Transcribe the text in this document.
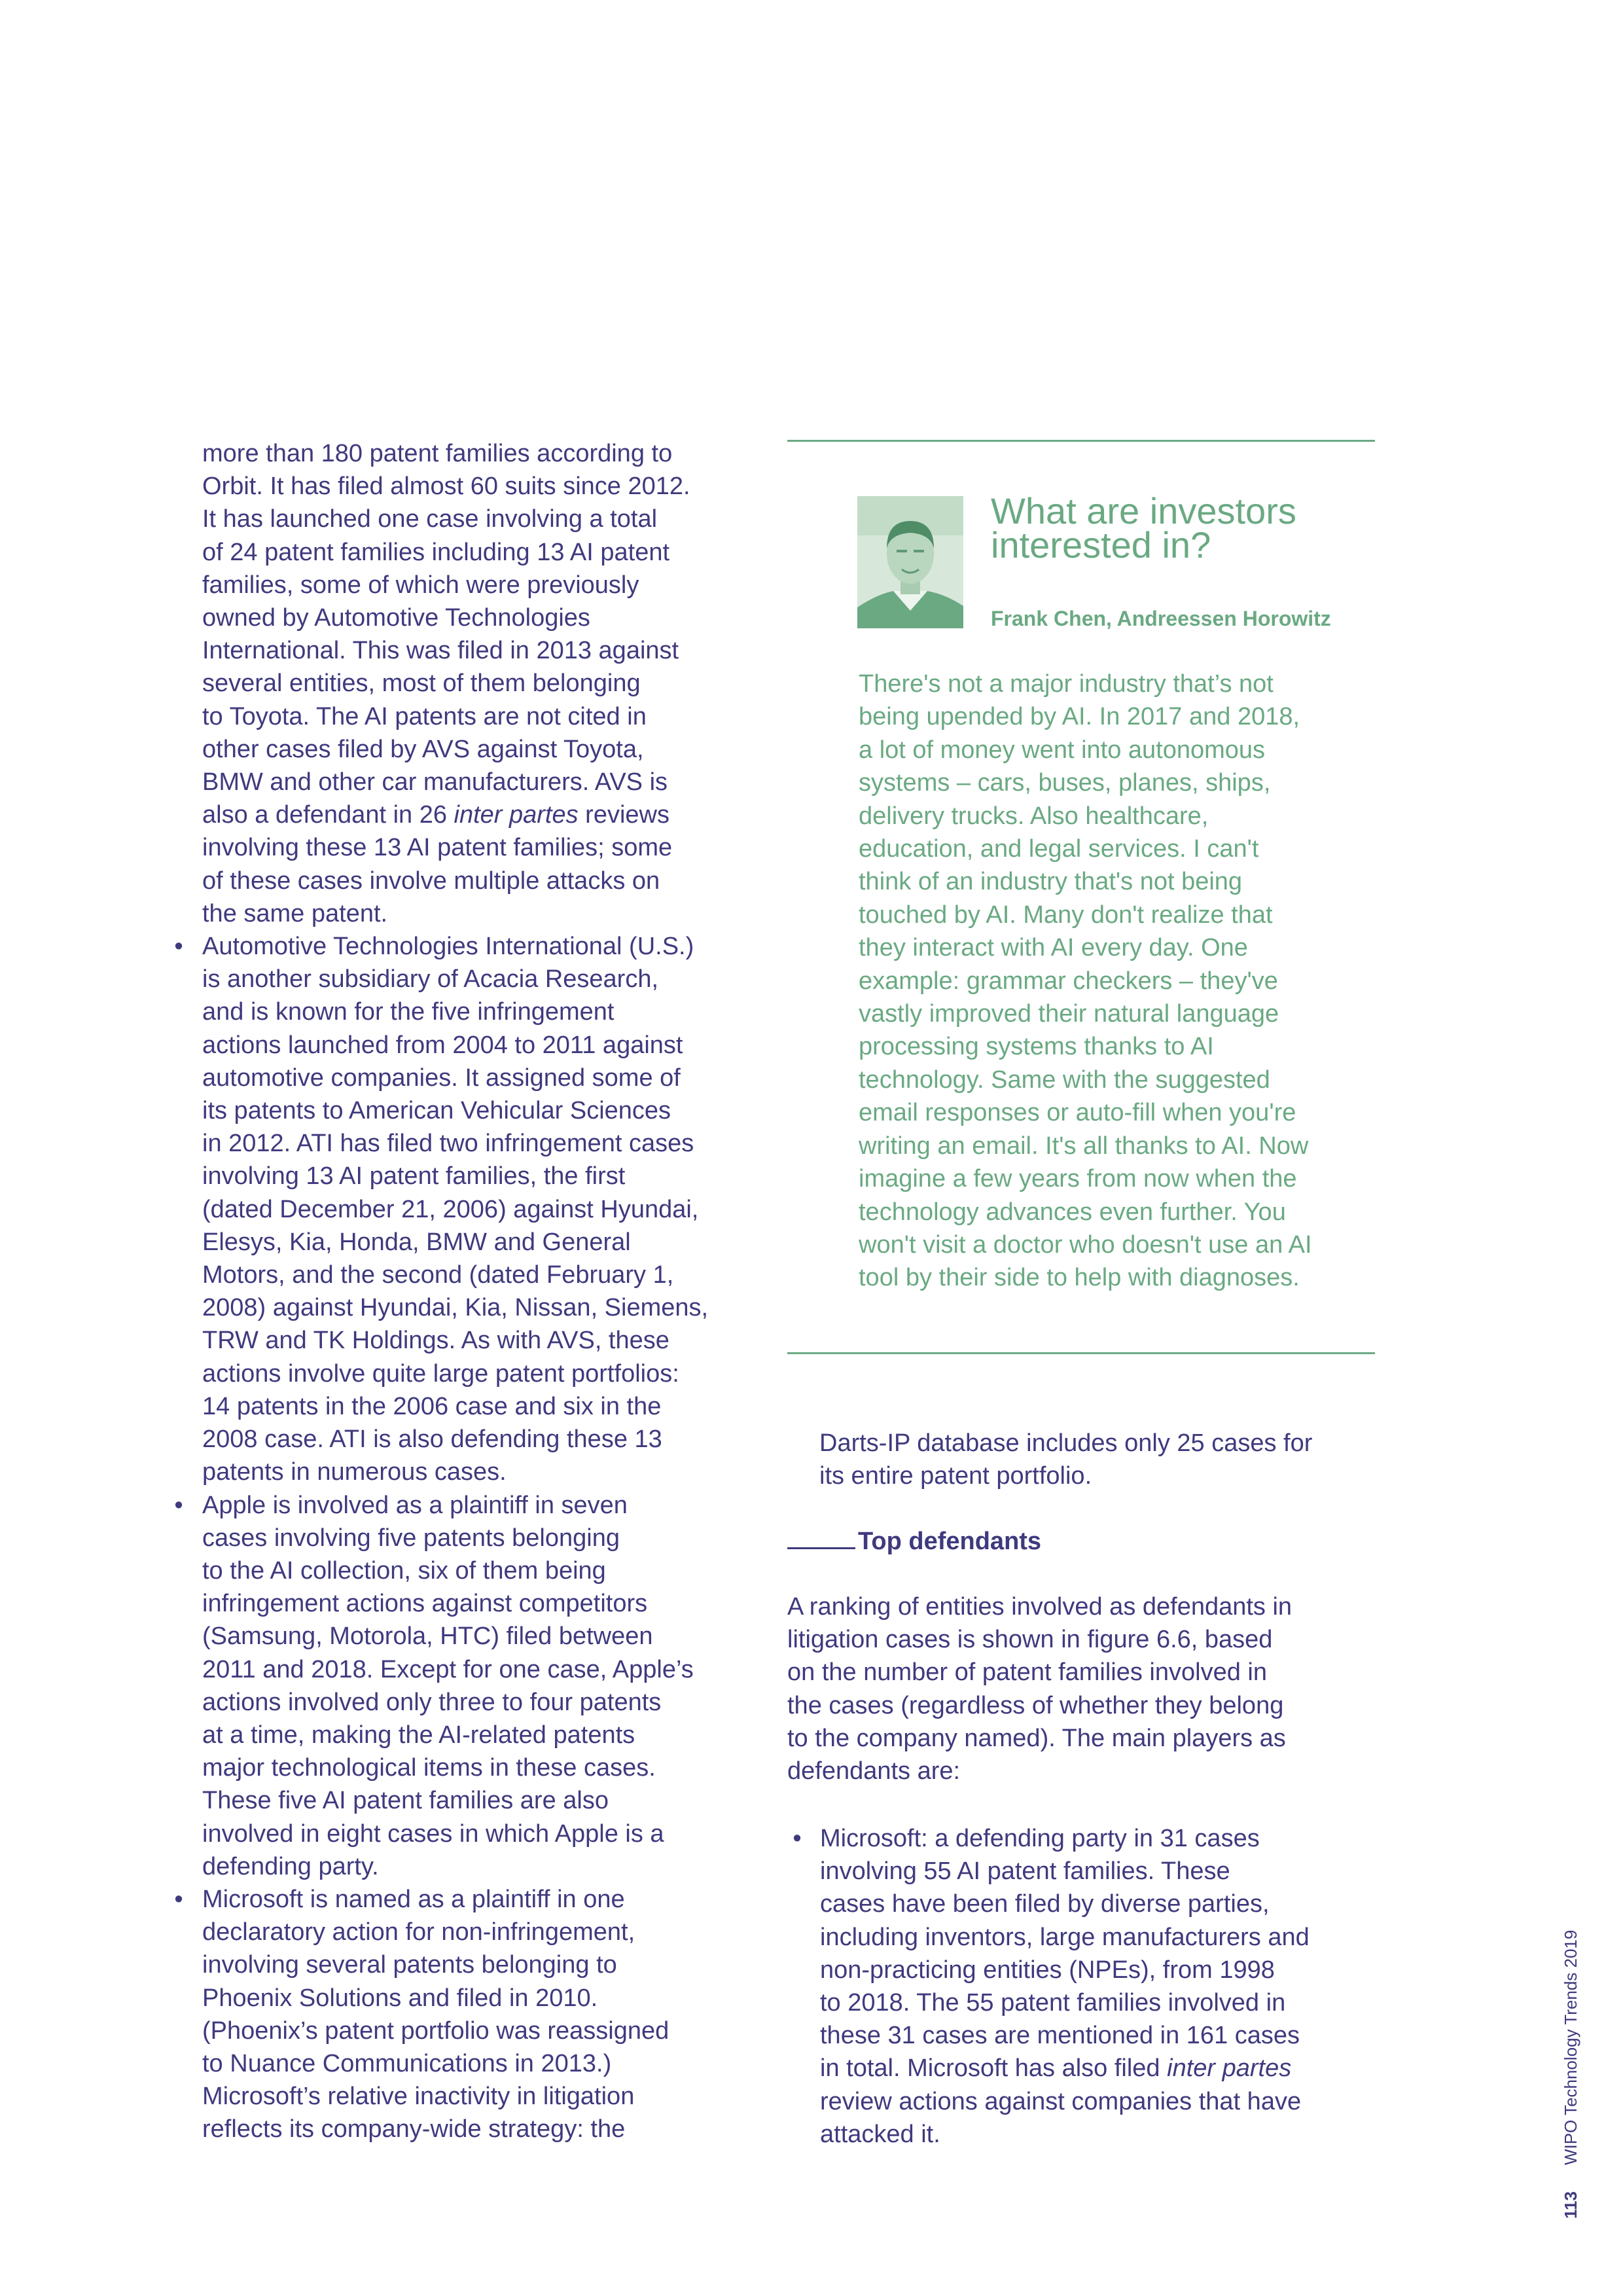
more than 180 patent families according to
Orbit. It has filed almost 60 suits since 2012.
It has launched one case involving a total
of 24 patent families including 13 AI patent
families, some of which were previously
owned by Automotive Technologies
International. This was filed in 2013 against
several entities, most of them belonging
to Toyota. The AI patents are not cited in
other cases filed by AVS against Toyota,
BMW and other car manufacturers. AVS is
also a defendant in 26 inter partes reviews
involving these 13 AI patent families; some
of these cases involve multiple attacks on
the same patent.

• Automotive Technologies International (U.S.)
is another subsidiary of Acacia Research,
and is known for the five infringement
actions launched from 2004 to 2011 against
automotive companies. It assigned some of
its patents to American Vehicular Sciences
in 2012. ATI has filed two infringement cases
involving 13 AI patent families, the first
(dated December 21, 2006) against Hyundai,
Elesys, Kia, Honda, BMW and General
Motors, and the second (dated February 1,
2008) against Hyundai, Kia, Nissan, Siemens,
TRW and TK Holdings. As with AVS, these
actions involve quite large patent portfolios:
14 patents in the 2006 case and six in the
2008 case. ATI is also defending these 13
patents in numerous cases.
• Apple is involved as a plaintiff in seven
cases involving five patents belonging
to the AI collection, six of them being
infringement actions against competitors
(Samsung, Motorola, HTC) filed between
2011 and 2018. Except for one case, Apple’s
actions involved only three to four patents
at a time, making the AI-related patents
major technological items in these cases.
These five AI patent families are also
involved in eight cases in which Apple is a
defending party.
• Microsoft is named as a plaintiff in one
declaratory action for non-infringement,
involving several patents belonging to
Phoenix Solutions and filed in 2010.
(Phoenix’s patent portfolio was reassigned
to Nuance Communications in 2013.)
Microsoft’s relative inactivity in litigation
reflects its company-wide strategy: the
What are investors
interested in?
Frank Chen, Andreessen Horowitz
There's not a major industry that’s not
being upended by AI. In 2017 and 2018,
a lot of money went into autonomous
systems – cars, buses, planes, ships,
delivery trucks. Also healthcare,
education, and legal services. I can't
think of an industry that's not being
touched by AI. Many don't realize that
they interact with AI every day. One
example: grammar checkers – they've
vastly improved their natural language
processing systems thanks to AI
technology. Same with the suggested
email responses or auto-fill when you're
writing an email. It's all thanks to AI. Now
imagine a few years from now when the
technology advances even further. You
won't visit a doctor who doesn't use an AI
tool by their side to help with diagnoses.
Darts-IP database includes only 25 cases for
its entire patent portfolio.
Top defendants
A ranking of entities involved as defendants in
litigation cases is shown in figure 6.6, based
on the number of patent families involved in
the cases (regardless of whether they belong
to the company named). The main players as
defendants are:
• Microsoft: a defending party in 31 cases
involving 55 AI patent families. These
cases have been filed by diverse parties,
including inventors, large manufacturers and
non-practicing entities (NPEs), from 1998
to 2018. The 55 patent families involved in
these 31 cases are mentioned in 161 cases
in total. Microsoft has also filed inter partes
review actions against companies that have
attacked it.
113WIPO Technology Trends 2019
